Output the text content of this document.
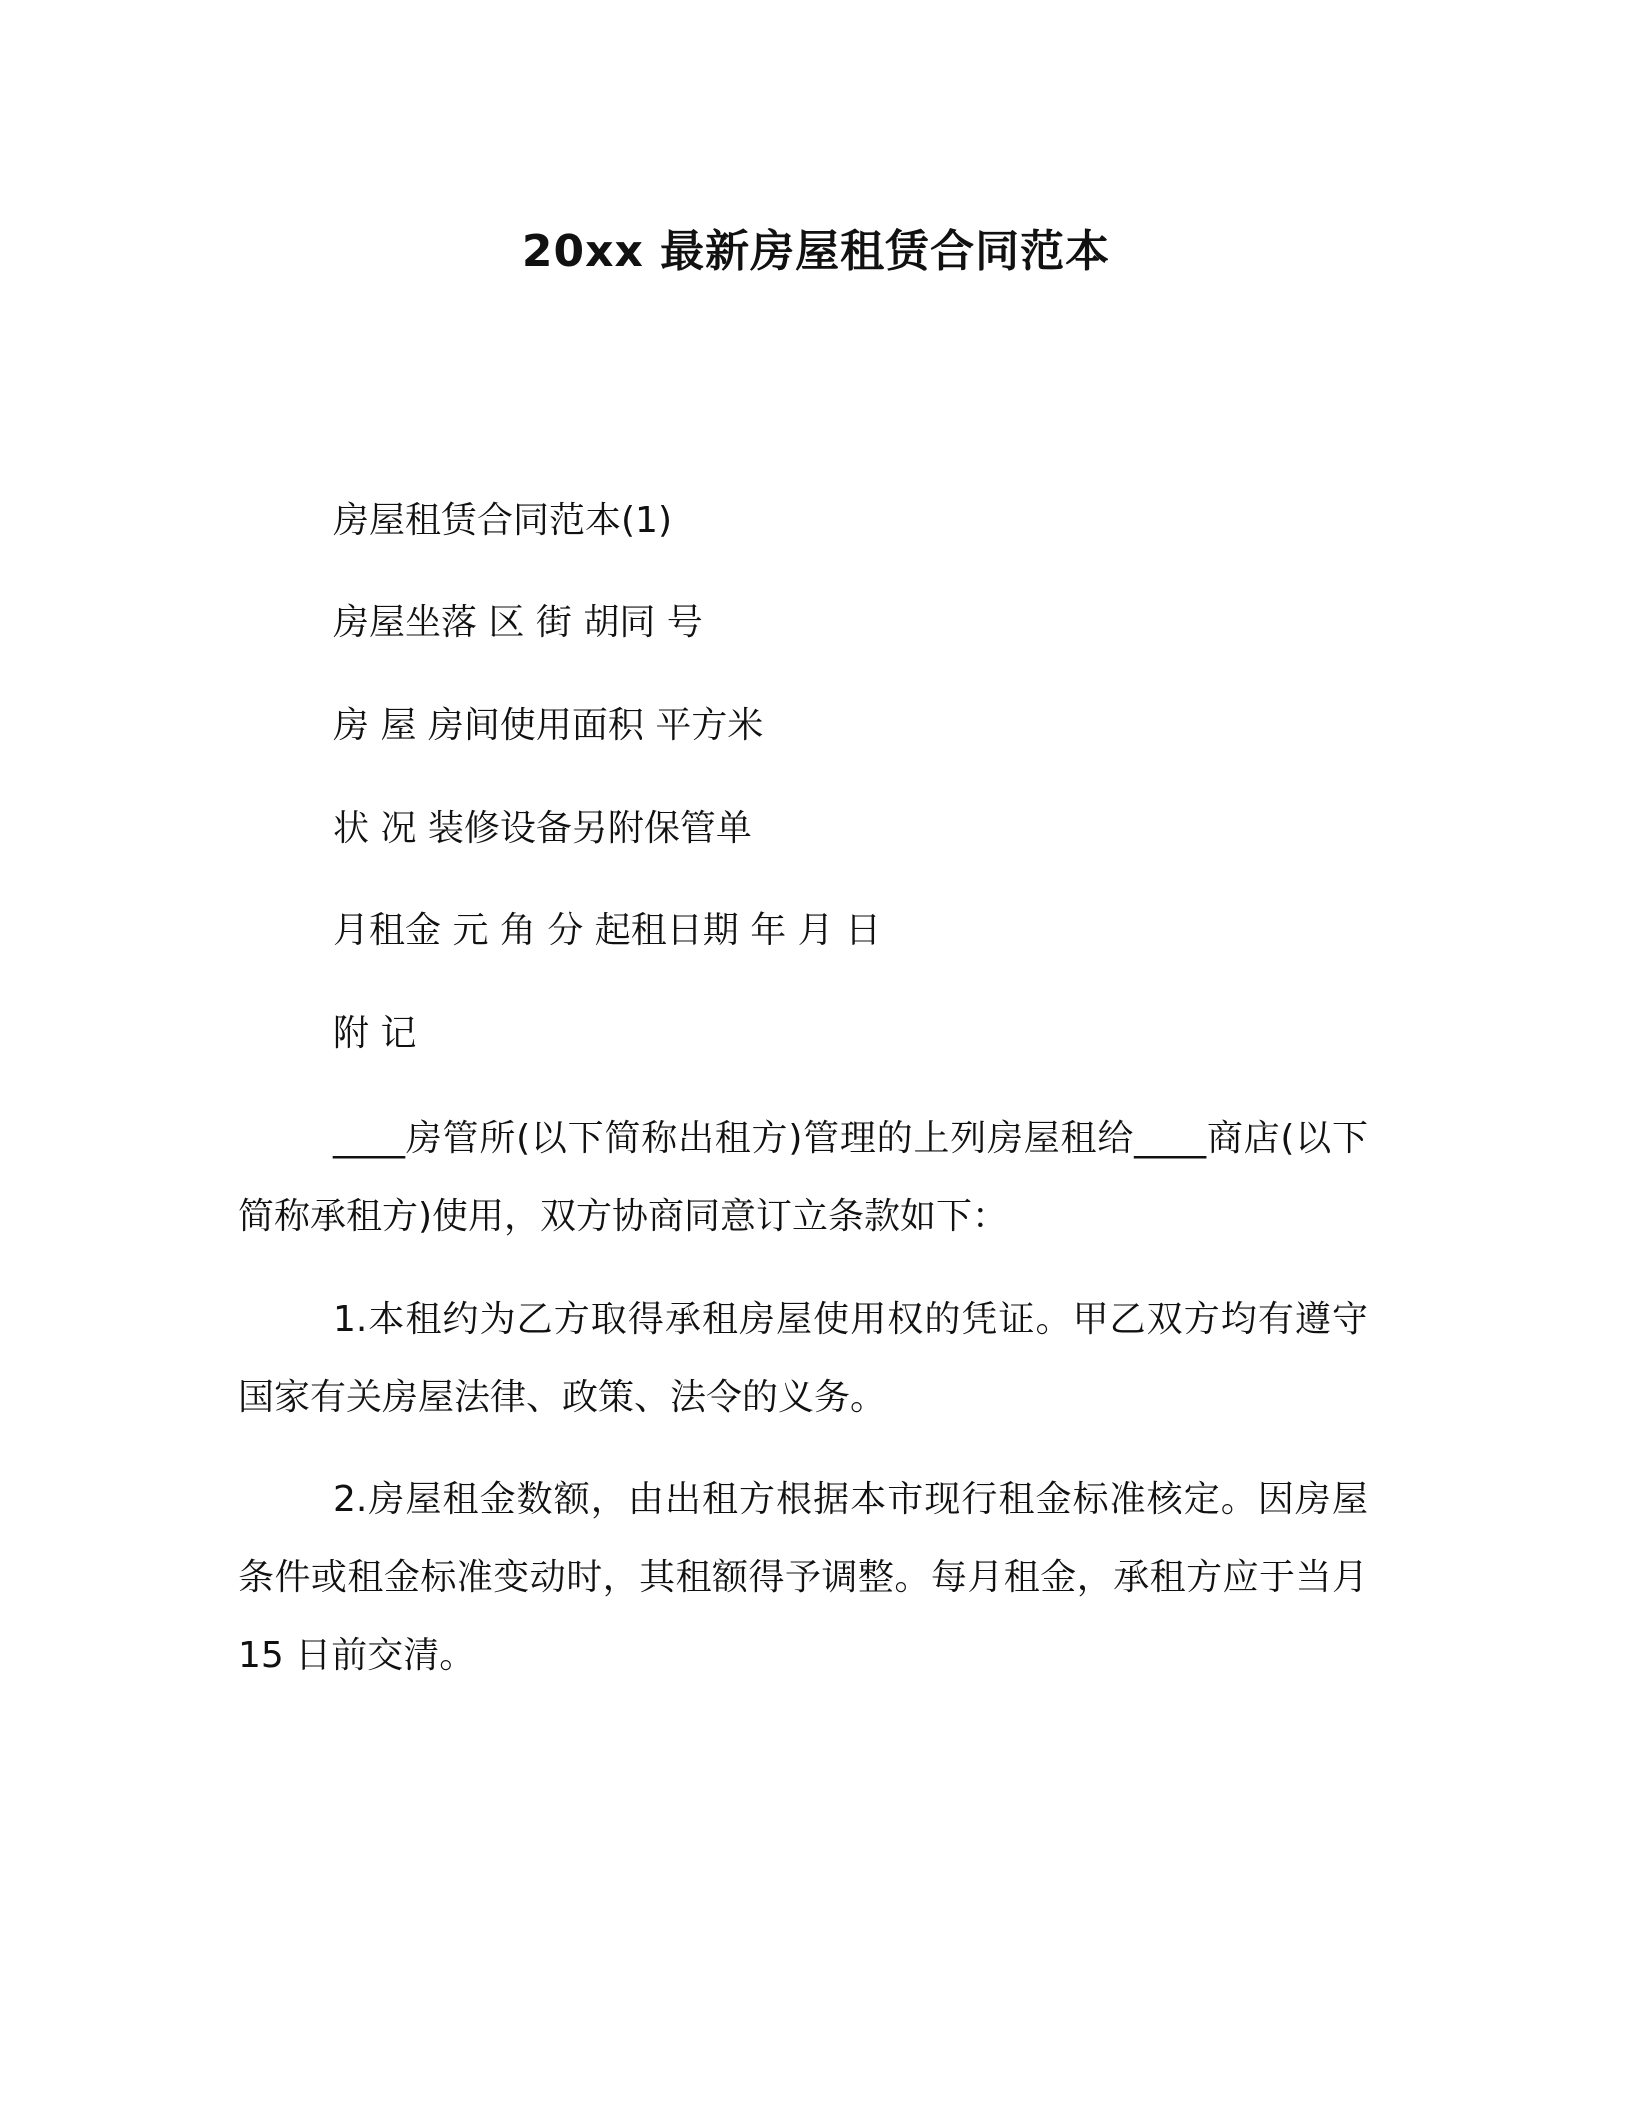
20xx 最新房屋租赁合同范本
房屋租赁合同范本(1)
房屋坐落 区 街 胡同 号
房 屋 房间使用面积 平方米
状 况 装修设备另附保管单
月租金 元 角 分 起租日期 年 月 日
附 记
____房管所(以下简称出租方)管理的上列房屋租给____商店(以下简称承租方)使用，双方协商同意订立条款如下：
1.本租约为乙方取得承租房屋使用权的凭证。甲乙双方均有遵守国家有关房屋法律、政策、法令的义务。
2.房屋租金数额，由出租方根据本市现行租金标准核定。因房屋条件或租金标准变动时，其租额得予调整。每月租金，承租方应于当月 15 日前交清。
